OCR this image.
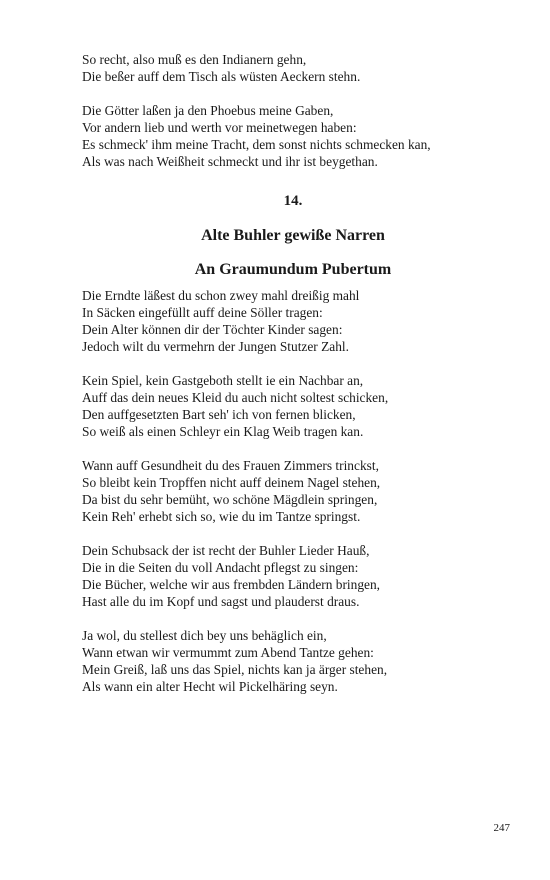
So recht, also muß es den Indianern gehn,
Die beßer auff dem Tisch als wüsten Aeckern stehn.
Die Götter laßen ja den Phoebus meine Gaben,
Vor andern lieb und werth vor meinetwegen haben:
Es schmeck' ihm meine Tracht, dem sonst nichts schmecken kan,
Als was nach Weißheit schmeckt und ihr ist beygethan.
14.
Alte Buhler gewiße Narren
An Graumundum Pubertum
Die Erndte läßest du schon zwey mahl dreißig mahl
In Säcken eingefüllt auff deine Söller tragen:
Dein Alter können dir der Töchter Kinder sagen:
Jedoch wilt du vermehrn der Jungen Stutzer Zahl.
Kein Spiel, kein Gastgeboth stellt ie ein Nachbar an,
Auff das dein neues Kleid du auch nicht soltest schicken,
Den auffgesetzten Bart seh' ich von fernen blicken,
So weiß als einen Schleyr ein Klag Weib tragen kan.
Wann auff Gesundheit du des Frauen Zimmers trinckst,
So bleibt kein Tropffen nicht auff deinem Nagel stehen,
Da bist du sehr bemüht, wo schöne Mägdlein springen,
Kein Reh' erhebt sich so, wie du im Tantze springst.
Dein Schubsack der ist recht der Buhler Lieder Hauß,
Die in die Seiten du voll Andacht pflegst zu singen:
Die Bücher, welche wir aus frembden Ländern bringen,
Hast alle du im Kopf und sagst und plauderst draus.
Ja wol, du stellest dich bey uns behäglich ein,
Wann etwan wir vermummt zum Abend Tantze gehen:
Mein Greiß, laß uns das Spiel, nichts kan ja ärger stehen,
Als wann ein alter Hecht wil Pickelhäring seyn.
247
